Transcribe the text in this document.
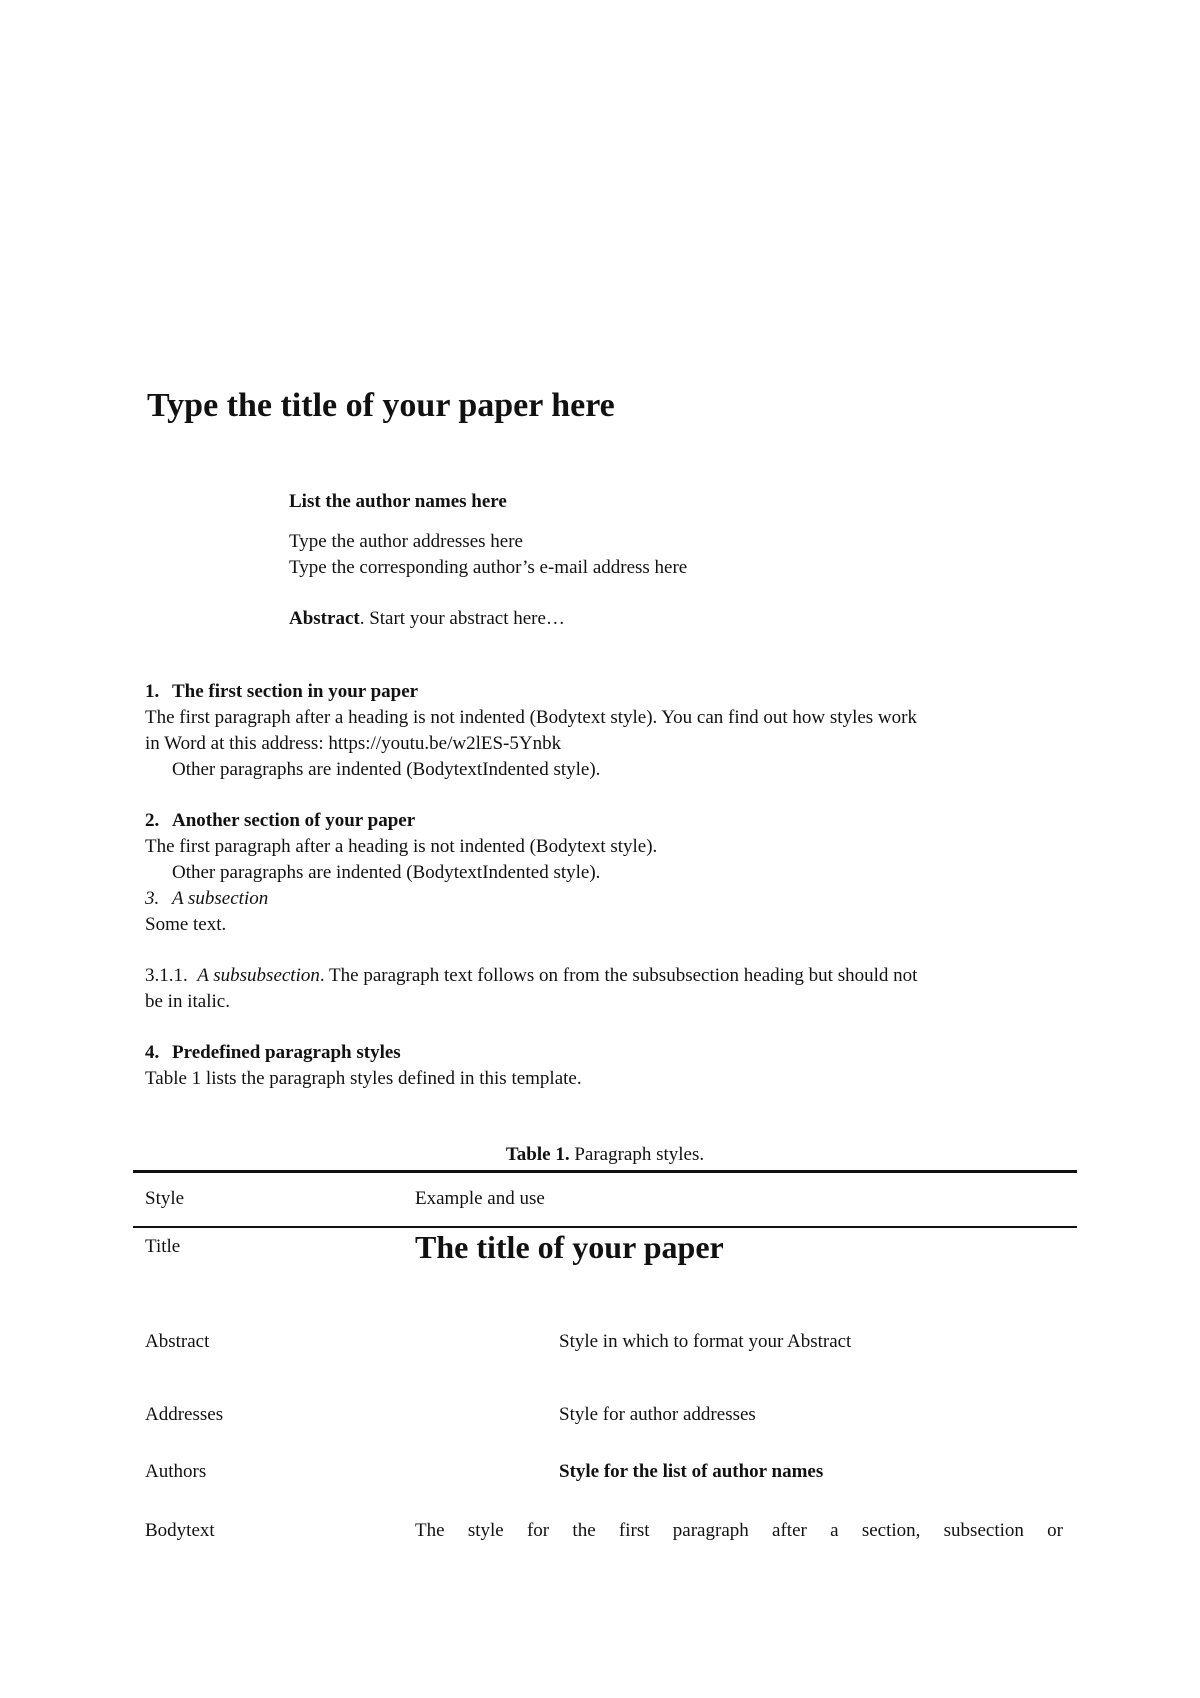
Type the title of your paper here
List the author names here
Type the author addresses here
Type the corresponding author’s e-mail address here
Abstract. Start your abstract here…
1. The first section in your paper
The first paragraph after a heading is not indented (Bodytext style). You can find out how styles work
in Word at this address: https://youtu.be/w2lES-5Ynbk
Other paragraphs are indented (BodytextIndented style).
2. Another section of your paper
The first paragraph after a heading is not indented (Bodytext style).
Other paragraphs are indented (BodytextIndented style).
3. A subsection
Some text.
3.1.1. A subsubsection. The paragraph text follows on from the subsubsection heading but should not
be in italic.
4. Predefined paragraph styles
Table 1 lists the paragraph styles defined in this template.
Table 1. Paragraph styles.
Style	Example and use
Title	The title of your paper
Abstract	Style in which to format your Abstract
Addresses	Style for author addresses
Authors	Style for the list of author names
Bodytext	The style for the first paragraph after a section, subsection or
